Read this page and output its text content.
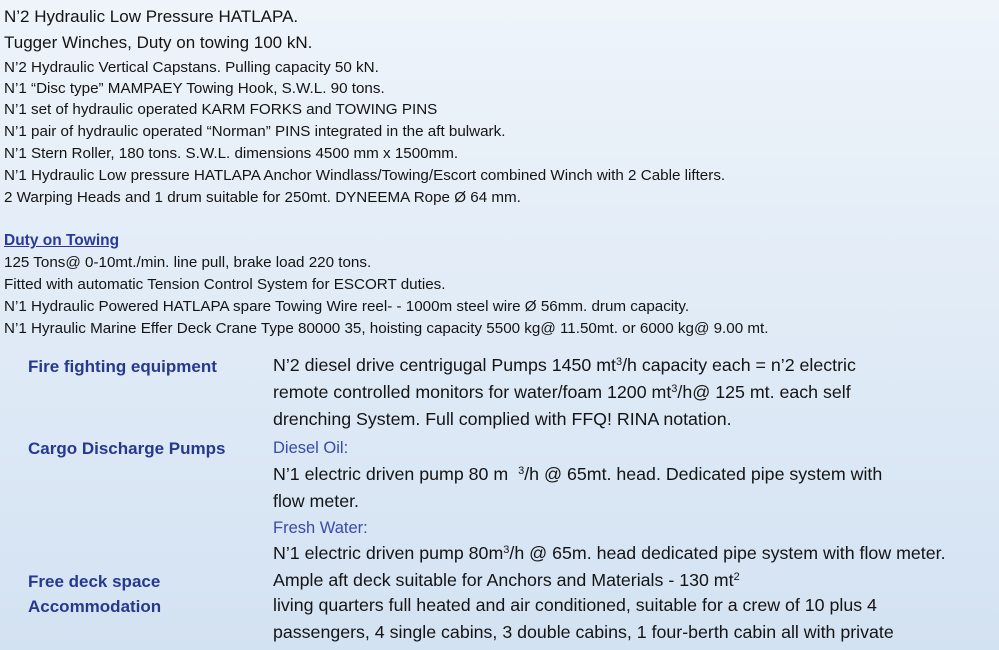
N’2 Hydraulic Low Pressure HATLAPA.
Tugger Winches, Duty on towing 100 kN.
N’2 Hydraulic Vertical Capstans. Pulling capacity 50 kN.
N’1 “Disc type” MAMPAEY Towing Hook, S.W.L. 90 tons.
N’1 set of hydraulic operated KARM FORKS and TOWING PINS
N’1 pair of hydraulic operated “Norman” PINS integrated in the aft bulwark.
N’1 Stern Roller, 180 tons. S.W.L. dimensions 4500 mm x 1500mm.
N’1 Hydraulic Low pressure HATLAPA Anchor Windlass/Towing/Escort combined Winch with 2 Cable lifters.
2 Warping Heads and 1 drum suitable for 250mt. DYNEEMA Rope Ø 64 mm.
Duty on Towing
125 Tons@ 0-10mt./min. line pull, brake load 220 tons.
Fitted with automatic Tension Control System for ESCORT duties.
N’1 Hydraulic Powered HATLAPA spare Towing Wire reel- - 1000m steel wire Ø 56mm. drum capacity.
N’1 Hyraulic Marine Effer Deck Crane Type 80000 35, hoisting capacity 5500 kg@ 11.50mt. or 6000 kg@ 9.00 mt.
Fire fighting equipment	N’2 diesel drive centrigugal Pumps 1450 $mt^3/h$ capacity each = n’2 electric
remote controlled monitors for water/foam 1200 $mt^3/h@$ 125 mt. each self
drenching System. Full complied with FFQ! RINA notation.
Cargo Discharge Pumps	Diesel Oil:
N’1 electric driven pump 80 m $^3$/h @ 65mt. head. Dedicated pipe system with
flow meter.
Fresh Water:
N’1 electric driven pump $80m^3/h$ @ 65m. head dedicated pipe system with flow meter.
Free deck space	Ample aft deck suitable for Anchors and Materials - 130 $mt^2$
Accommodation	living quarters full heated and air conditioned, suitable for a crew of 10 plus 4
passengers, 4 single cabins, 3 double cabins, 1 four-berth cabin all with private
